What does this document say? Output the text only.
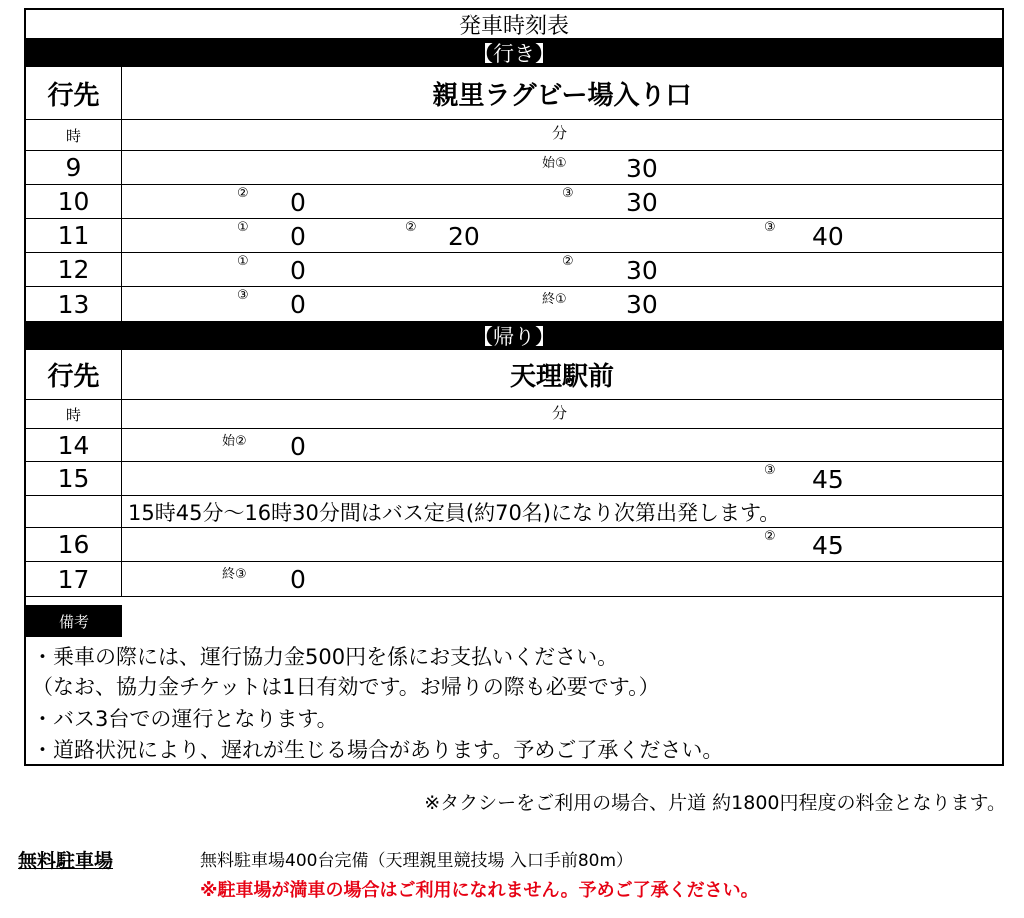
発車時刻表
【行き】
行先	親里ラグビー場入り口
時	分
9	始① 30
10	② 0	③ 30
11	① 0	② 20	③ 40
12	① 0	② 30
13	③ 0	終① 30
【帰り】
行先	天理駅前
時	分
14	始② 0
15	③ 45
15時45分～16時30分間はバス定員(約70名)になり次第出発します。
16	② 45
17	終③ 0
備考
・乗車の際には、運行協力金500円を係にお支払いください。
（なお、協力金チケットは1日有効です。お帰りの際も必要です。）
・バス3台での運行となります。
・道路状況により、遅れが生じる場合があります。予めご了承ください。
※タクシーをご利用の場合、片道 約1800円程度の料金となります。
無料駐車場	無料駐車場400台完備（天理親里競技場 入口手前80m）
※駐車場が満車の場合はご利用になれません。予めご了承ください。
